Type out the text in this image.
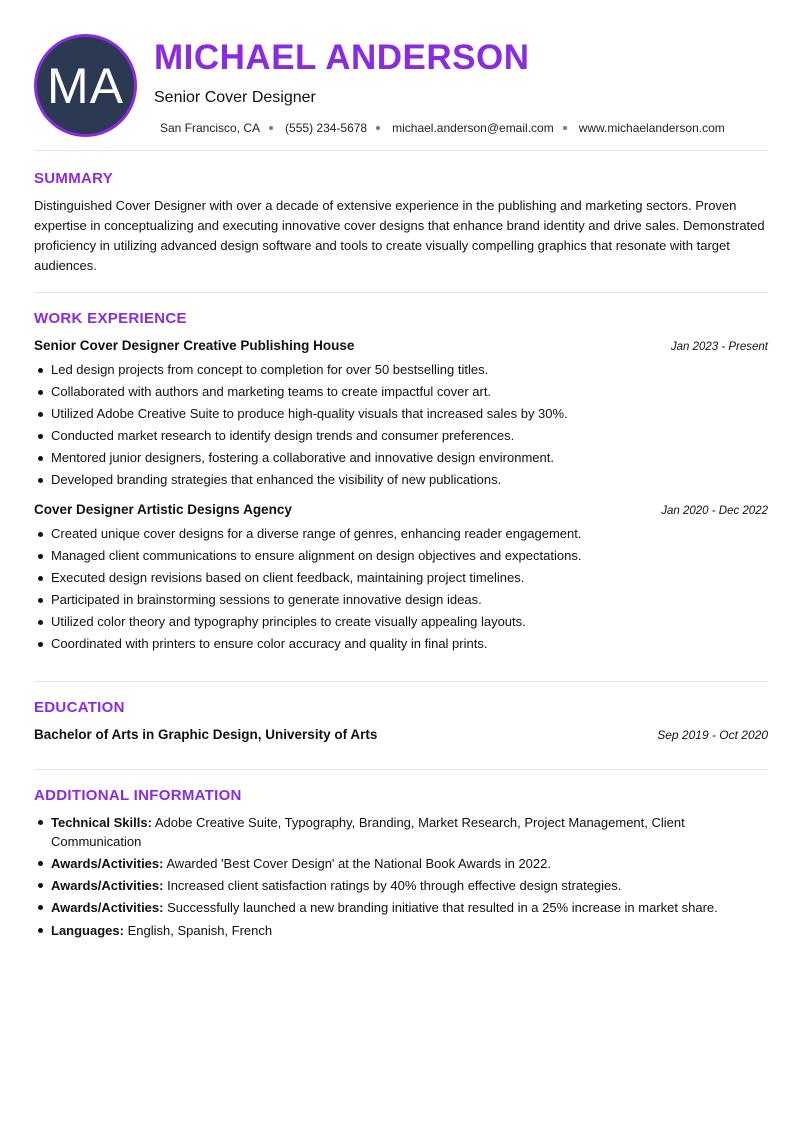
MA MICHAEL ANDERSON
Senior Cover Designer
San Francisco, CA (555) 234-5678 michael.anderson@email.com www.michaelanderson.com
SUMMARY

Distinguished Cover Designer with over a decade of extensive experience in the publishing and marketing sectors. Proven expertise in conceptualizing and executing innovative cover designs that enhance brand identity and drive sales. Demonstrated proficiency in utilizing advanced design software and tools to create visually compelling graphics that resonate with target audiences.

WORK EXPERIENCE
Senior Cover Designer Creative Publishing House	Jan 2023 - Present
Led design projects from concept to completion for over 50 bestselling titles.
Collaborated with authors and marketing teams to create impactful cover art.
Utilized Adobe Creative Suite to produce high-quality visuals that increased sales by 30%.
Conducted market research to identify design trends and consumer preferences.
Mentored junior designers, fostering a collaborative and innovative design environment.
Developed branding strategies that enhanced the visibility of new publications.
Cover Designer Artistic Designs Agency	Jan 2020 - Dec 2022
Created unique cover designs for a diverse range of genres, enhancing reader engagement.
Managed client communications to ensure alignment on design objectives and expectations.
Executed design revisions based on client feedback, maintaining project timelines.
Participated in brainstorming sessions to generate innovative design ideas.
Utilized color theory and typography principles to create visually appealing layouts.
Coordinated with printers to ensure color accuracy and quality in final prints.
EDUCATION
Bachelor of Arts in Graphic Design, University of Arts	Sep 2019 - Oct 2020
ADDITIONAL INFORMATION
Technical Skills: Adobe Creative Suite, Typography, Branding, Market Research, Project Management, Client Communication
Awards/Activities: Awarded 'Best Cover Design' at the National Book Awards in 2022.
Awards/Activities: Increased client satisfaction ratings by 40% through effective design strategies.
Awards/Activities: Successfully launched a new branding initiative that resulted in a 25% increase in market share.
Languages: English, Spanish, French
